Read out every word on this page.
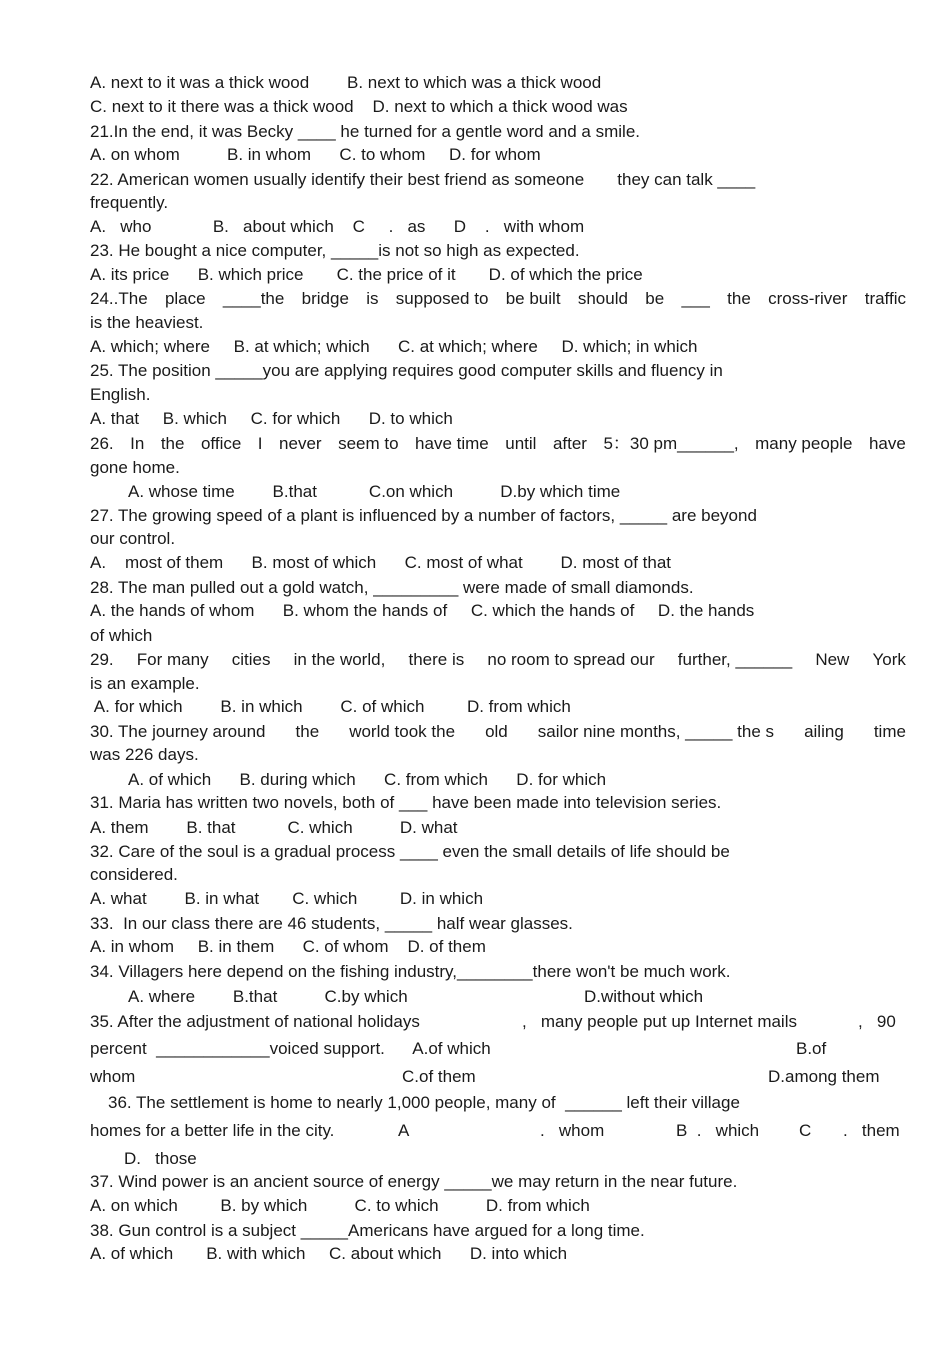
A. next to it was a thick wood        B. next to which was a thick wood
C. next to it there was a thick wood    D. next to which a thick wood was
21.In the end, it was Becky ____ he turned for a gentle word and a smile.
A. on whom          B. in whom      C. to whom     D. for whom
22. American women usually identify their best friend as someone       they can talk ____
frequently.
A.   who             B.   about which    C     .   as      D    .   with whom
23. He bought a nice computer, _____is not so high as expected.
A. its price      B. which price       C. the price of it       D. of which the price
24..The place ____the bridge is supposed to be built should be ___ the cross-river traffic
is the heaviest.
A. which; where     B. at which; which      C. at which; where     D. which; in which
25. The position _____you are applying requires good computer skills and fluency in
English.
A. that     B. which     C. for which      D. to which
26. In the office I never seem to have time until after 5：30 pm______, many people have
gone home.
A. whose time        B.that           C.on which          D.by which time
27. The growing speed of a plant is influenced by a number of factors, _____ are beyond
our control.
A.    most of them      B. most of which      C. most of what        D. most of that
28. The man pulled out a gold watch, _________ were made of small diamonds.
A. the hands of whom      B. whom the hands of     C. which the hands of     D. the hands
of which
29. For many cities in the world, there is no room to spread our further, ______ New York
is an example.
A. for which        B. in which        C. of which         D. from which
30. The journey around the world took the old sailor nine months, _____ the s ailing time
was 226 days.
A. of which      B. during which      C. from which      D. for which
31. Maria has written two novels, both of ___ have been made into television series.
A. them        B. that           C. which          D. what
32. Care of the soul is a gradual process ____ even the small details of life should be
considered.
A. what        B. in what       C. which         D. in which
33.  In our class there are 46 students, _____ half wear glasses.
A. in whom     B. in them      C. of whom    D. of them
34. Villagers here depend on the fishing industry,________there won't be much work.
A. where        B.that          C.by which	D.without which
35. After the adjustment of national holidays	,   many people put up Internet mails	,   90
percent  ____________voiced support.      A.of which	B.of
whom	C.of them	D.among them
36. The settlement is home to nearly 1,000 people, many of  ______ left their village
homes for a better life in the city.	A	.   whom	B  .   which C .   them
D.   those
37. Wind power is an ancient source of energy _____we may return in the near future.
A. on which         B. by which          C. to which          D. from which
38. Gun control is a subject _____Americans have argued for a long time.
A. of which       B. with which     C. about which      D. into which
